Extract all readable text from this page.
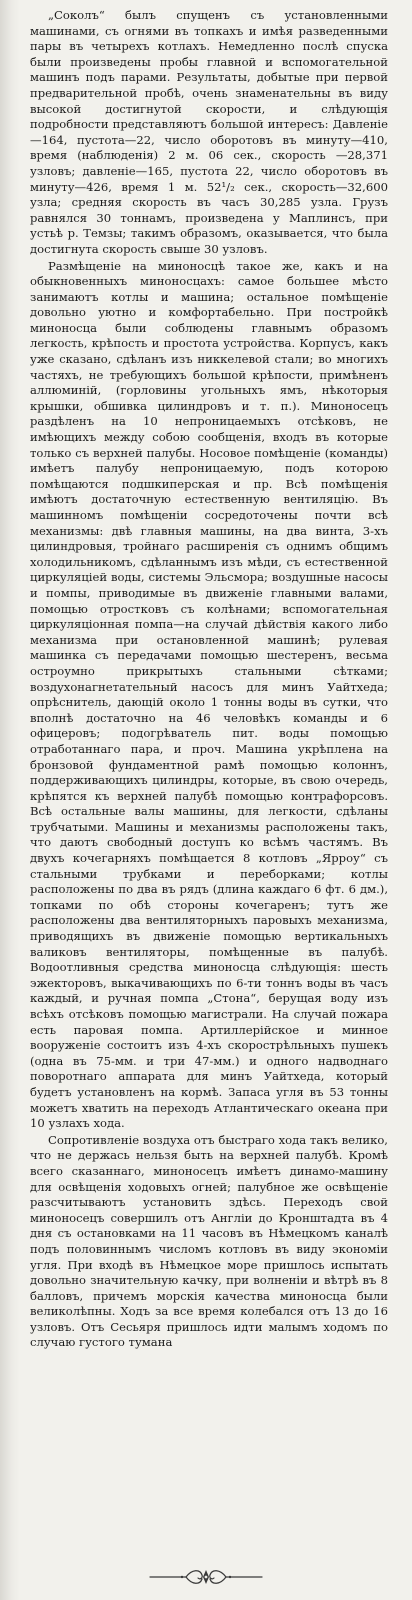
„Соколъ“ былъ спущенъ съ установленными машинами, съ огнями въ топкахъ и имѣя разведенными пары въ четырехъ котлахъ. Немедленно послѣ спуска были произведены пробы главной и вспомогательной машинъ подъ парами. Результаты, добытые при первой предварительной пробѣ, очень знаменательны въ виду высокой достигнутой скорости, и слѣдующія подробности представляютъ большой интересъ: Давленіе—164, пустота—22, число оборотовъ въ минуту—410, время (наблюденія) 2 м. 06 сек., скорость —28,371 узловъ; давленіе—165, пустота 22, число оборотовъ въ минуту—426, время 1 м. 52¹/₂ сек., скорость—32,600 узла; средняя скорость въ часъ 30,285 узла. Грузъ равнялся 30 тоннамъ, произведена у Маплинсъ, при устьѣ р. Темзы; такимъ образомъ, оказывается, что была достигнута скорость свыше 30 узловъ.

Размѣщеніе на миноносцѣ такое же, какъ и на обыкновенныхъ миноносцахъ: самое большее мѣсто занимаютъ котлы и машина; остальное помѣщеніе довольно уютно и комфортабельно. При постройкѣ миноносца были соблюдены главнымъ образомъ легкость, крѣпость и простота устройства. Корпусъ, какъ уже сказано, сдѣланъ изъ никкелевой стали; во многихъ частяхъ, не требующихъ большой крѣпости, примѣненъ аллюминій, (горловины угольныхъ ямъ, нѣкоторыя крышки, обшивка цилиндровъ и т. п.). Миноносецъ раздѣленъ на 10 непроницаемыхъ отсѣковъ, не имѣющихъ между собою сообщенія, входъ въ которые только съ верхней палубы. Носовое помѣщеніе (команды) имѣетъ палубу непроницаемую, подъ которою помѣщаются подшкиперская и пр. Всѣ помѣщенія имѣютъ достаточную естественную вентиляцію. Въ машинномъ помѣщеніи сосредоточены почти всѣ механизмы: двѣ главныя машины, на два винта, 3-хъ цилиндровыя, тройнаго расширенія съ однимъ общимъ холодильникомъ, сдѣланнымъ изъ мѣди, съ естественной циркуляціей воды, системы Эльсмора; воздушные насосы и помпы, приводимые въ движеніе главными валами, помощью отростковъ съ колѣнами; вспомогательная циркуляціонная помпа—на случай дѣйствія какого либо механизма при остановленной машинѣ; рулевая машинка съ передачами помощью шестеренъ, весьма остроумно прикрытыхъ стальными сѣтками; воздухонагнетательный насосъ для минъ Уайтхеда; опрѣснитель, дающій около 1 тонны воды въ сутки, что вполнѣ достаточно на 46 человѣкъ команды и 6 офицеровъ; подогрѣватель пит. воды помощью отработаннаго пара, и проч. Машина укрѣплена на бронзовой фундаментной рамѣ помощью колоннъ, поддерживающихъ цилиндры, которые, въ свою очередь, крѣпятся къ верхней палубѣ помощью контрафорсовъ. Всѣ остальные валы машины, для легкости, сдѣланы трубчатыми. Машины и механизмы расположены такъ, что даютъ свободный доступъ ко всѣмъ частямъ. Въ двухъ кочегарняхъ помѣщается 8 котловъ „Ярроу“ съ стальными трубками и переборками; котлы расположены по два въ рядъ (длина каждаго 6 фт. 6 дм.), топками по обѣ стороны кочегаренъ; тутъ же расположены два вентиляторныхъ паровыхъ механизма, приводящихъ въ движеніе помощью вертикальныхъ валиковъ вентиляторы, помѣщенные въ палубѣ. Водоотливныя средства миноносца слѣдующія: шесть эжекторовъ, выкачивающихъ по 6-ти тоннъ воды въ часъ каждый, и ручная помпа „Стона“, берущая воду изъ всѣхъ отсѣковъ помощью магистрали. На случай пожара есть паровая помпа. Артиллерійское и минное вооруженіе состоитъ изъ 4-хъ скорострѣльныхъ пушекъ (одна въ 75-мм. и три 47-мм.) и одного надводнаго поворотнаго аппарата для минъ Уайтхеда, который будетъ установленъ на кормѣ. Запаса угля въ 53 тонны можетъ хватить на переходъ Атлантическаго океана при 10 узлахъ хода.

Сопротивленіе воздуха отъ быстраго хода такъ велико, что не держась нельзя быть на верхней палубѣ. Кромѣ всего сказаннаго, миноносецъ имѣетъ динамо-машину для освѣщенія ходовыхъ огней; палубное же освѣщеніе разсчитываютъ установить здѣсь. Переходъ свой миноносецъ совершилъ отъ Англіи до Кронштадта въ 4 дня съ остановками на 11 часовъ въ Нѣмецкомъ каналѣ подъ половиннымъ числомъ котловъ въ виду экономіи угля. При входѣ въ Нѣмецкое море пришлось испытать довольно значительную качку, при волненіи и вѣтрѣ въ 8 балловъ, причемъ морскія качества миноносца были великолѣпны. Ходъ за все время колебался отъ 13 до 16 узловъ. Отъ Сесьяря пришлось идти малымъ ходомъ по случаю густого тумана
